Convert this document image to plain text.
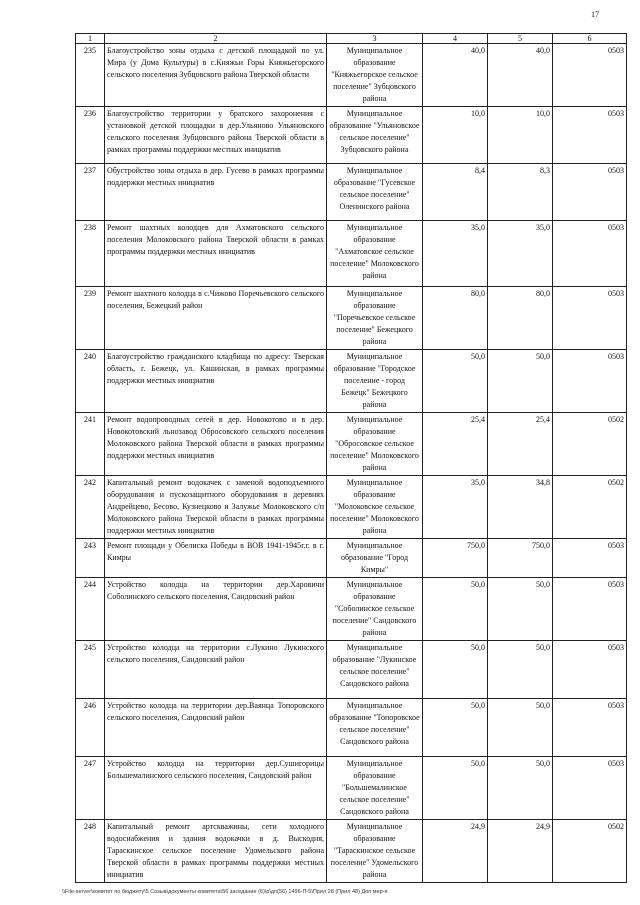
17
1	2	3	4	5	6
235	Благоустройство зоны отдыха с детской площадкой по ул. Мира (у Дома Культуры) в с.Княжьи Горы Княжьегорского сельского поселения Зубцовского района Тверской области	Муниципальное образование "Княжьегорское сельское поселение" Зубцовского района	40,0	40,0	0503
236	Благоустройство территории у братского захоронения с установкой детской площадки в дер.Ульяново Ульяновского сельского поселения Зубцовского района Тверской области в рамках программы поддержки местных инициатив	Муниципальное образование "Ульяновское сельское поселение" Зубцовского района	10,0	10,0	0503
237	Обустройство зоны отдыха в дер. Гусево в рамках программы поддержки местных инициатив	Муниципальное образование "Гусевское сельское поселение" Оленинского района	8,4	8,3	0503
238	Ремонт шахтных колодцев для Ахматовского сельского поселения Молоковского района Тверской области в рамках программы поддержки местных инициатив	Муниципальное образование "Ахматовское сельское поселение" Молоковского района	35,0	35,0	0503
239	Ремонт шахтного колодца в с.Чижово Поречьевского сельского поселения, Бежецкий район	Муниципальное образование "Поречьевское сельское поселение" Бежецкого района	80,0	80,0	0503
240	Благоустройство гражданского кладбища по адресу: Тверская область, г. Бежецк, ул. Кашинская, в рамках программы поддержки местных инициатив	Муниципальное образование "Городское поселение - город Бежецк" Бежецкого района	50,0	50,0	0503
241	Ремонт водопроводных сетей в дер. Новокотово и в дер. Новокотовский льнозавод Обросовского сельского поселения Молоковского района Тверской области в рамках программы поддержки местных инициатив	Муниципальное образование "Обросовское сельское поселение" Молоковского района	25,4	25,4	0502
242	Капитальный ремонт водокачек с заменой водоподъемного оборудования и пускозащитного оборудования в деревнях Андрейцево, Бесово, Кузнецково и Залужье Молоковского с/п Молоковского района Тверской области в рамках программы поддержки местных инициатив	Муниципальное образование "Молоковское сельское поселение" Молоковского района	35,0	34,8	0502
243	Ремонт площади у Обелиска Победы в ВОВ 1941-1945г.г. в г. Кимры	Муниципальное образование "Город Кимры"	750,0	750,0	0503
244	Устройство колодца на территории дер.Харовичи Соболинского сельского поселения, Сандовский район	Муниципальное образование "Соболинское сельское поселение" Сандовского района	50,0	50,0	0503
245	Устройство колодца на территории с.Лукино Лукинского сельского поселения, Сандовский район	Муниципальное образование "Лукинское сельское поселение" Сандовского района	50,0	50,0	0503
246	Устройство колодца на территории дер.Ваянца Топоровского сельского поселения, Сандовский район	Муниципальное образование "Топоровское сельское поселение" Сандовского района	50,0	50,0	0503
247	Устройство колодца на территории дер.Сушигорицы Большемалинского сельского поселения, Сандовский район	Муниципальное образование "Большемалинское сельское поселение" Сандовского района	50,0	50,0	0503
248	Капитальный ремонт артскважины, сети холодного водоснабжения и здания водокачки в д. Выскодня, Тараскинское сельское поселение Удомельского района Тверской области в рамках программы поддержки местных инициатив	Муниципальное образование "Тараскинское сельское поселение" Удомельского района	24,9	24,9	0502
\\File-server\комитет по бюджету\5 Созыв\документы комитета\56 заседание (6)\р\дп(56) 1496-П-5\Прил 28 (Прил 48) Доп мер-я
